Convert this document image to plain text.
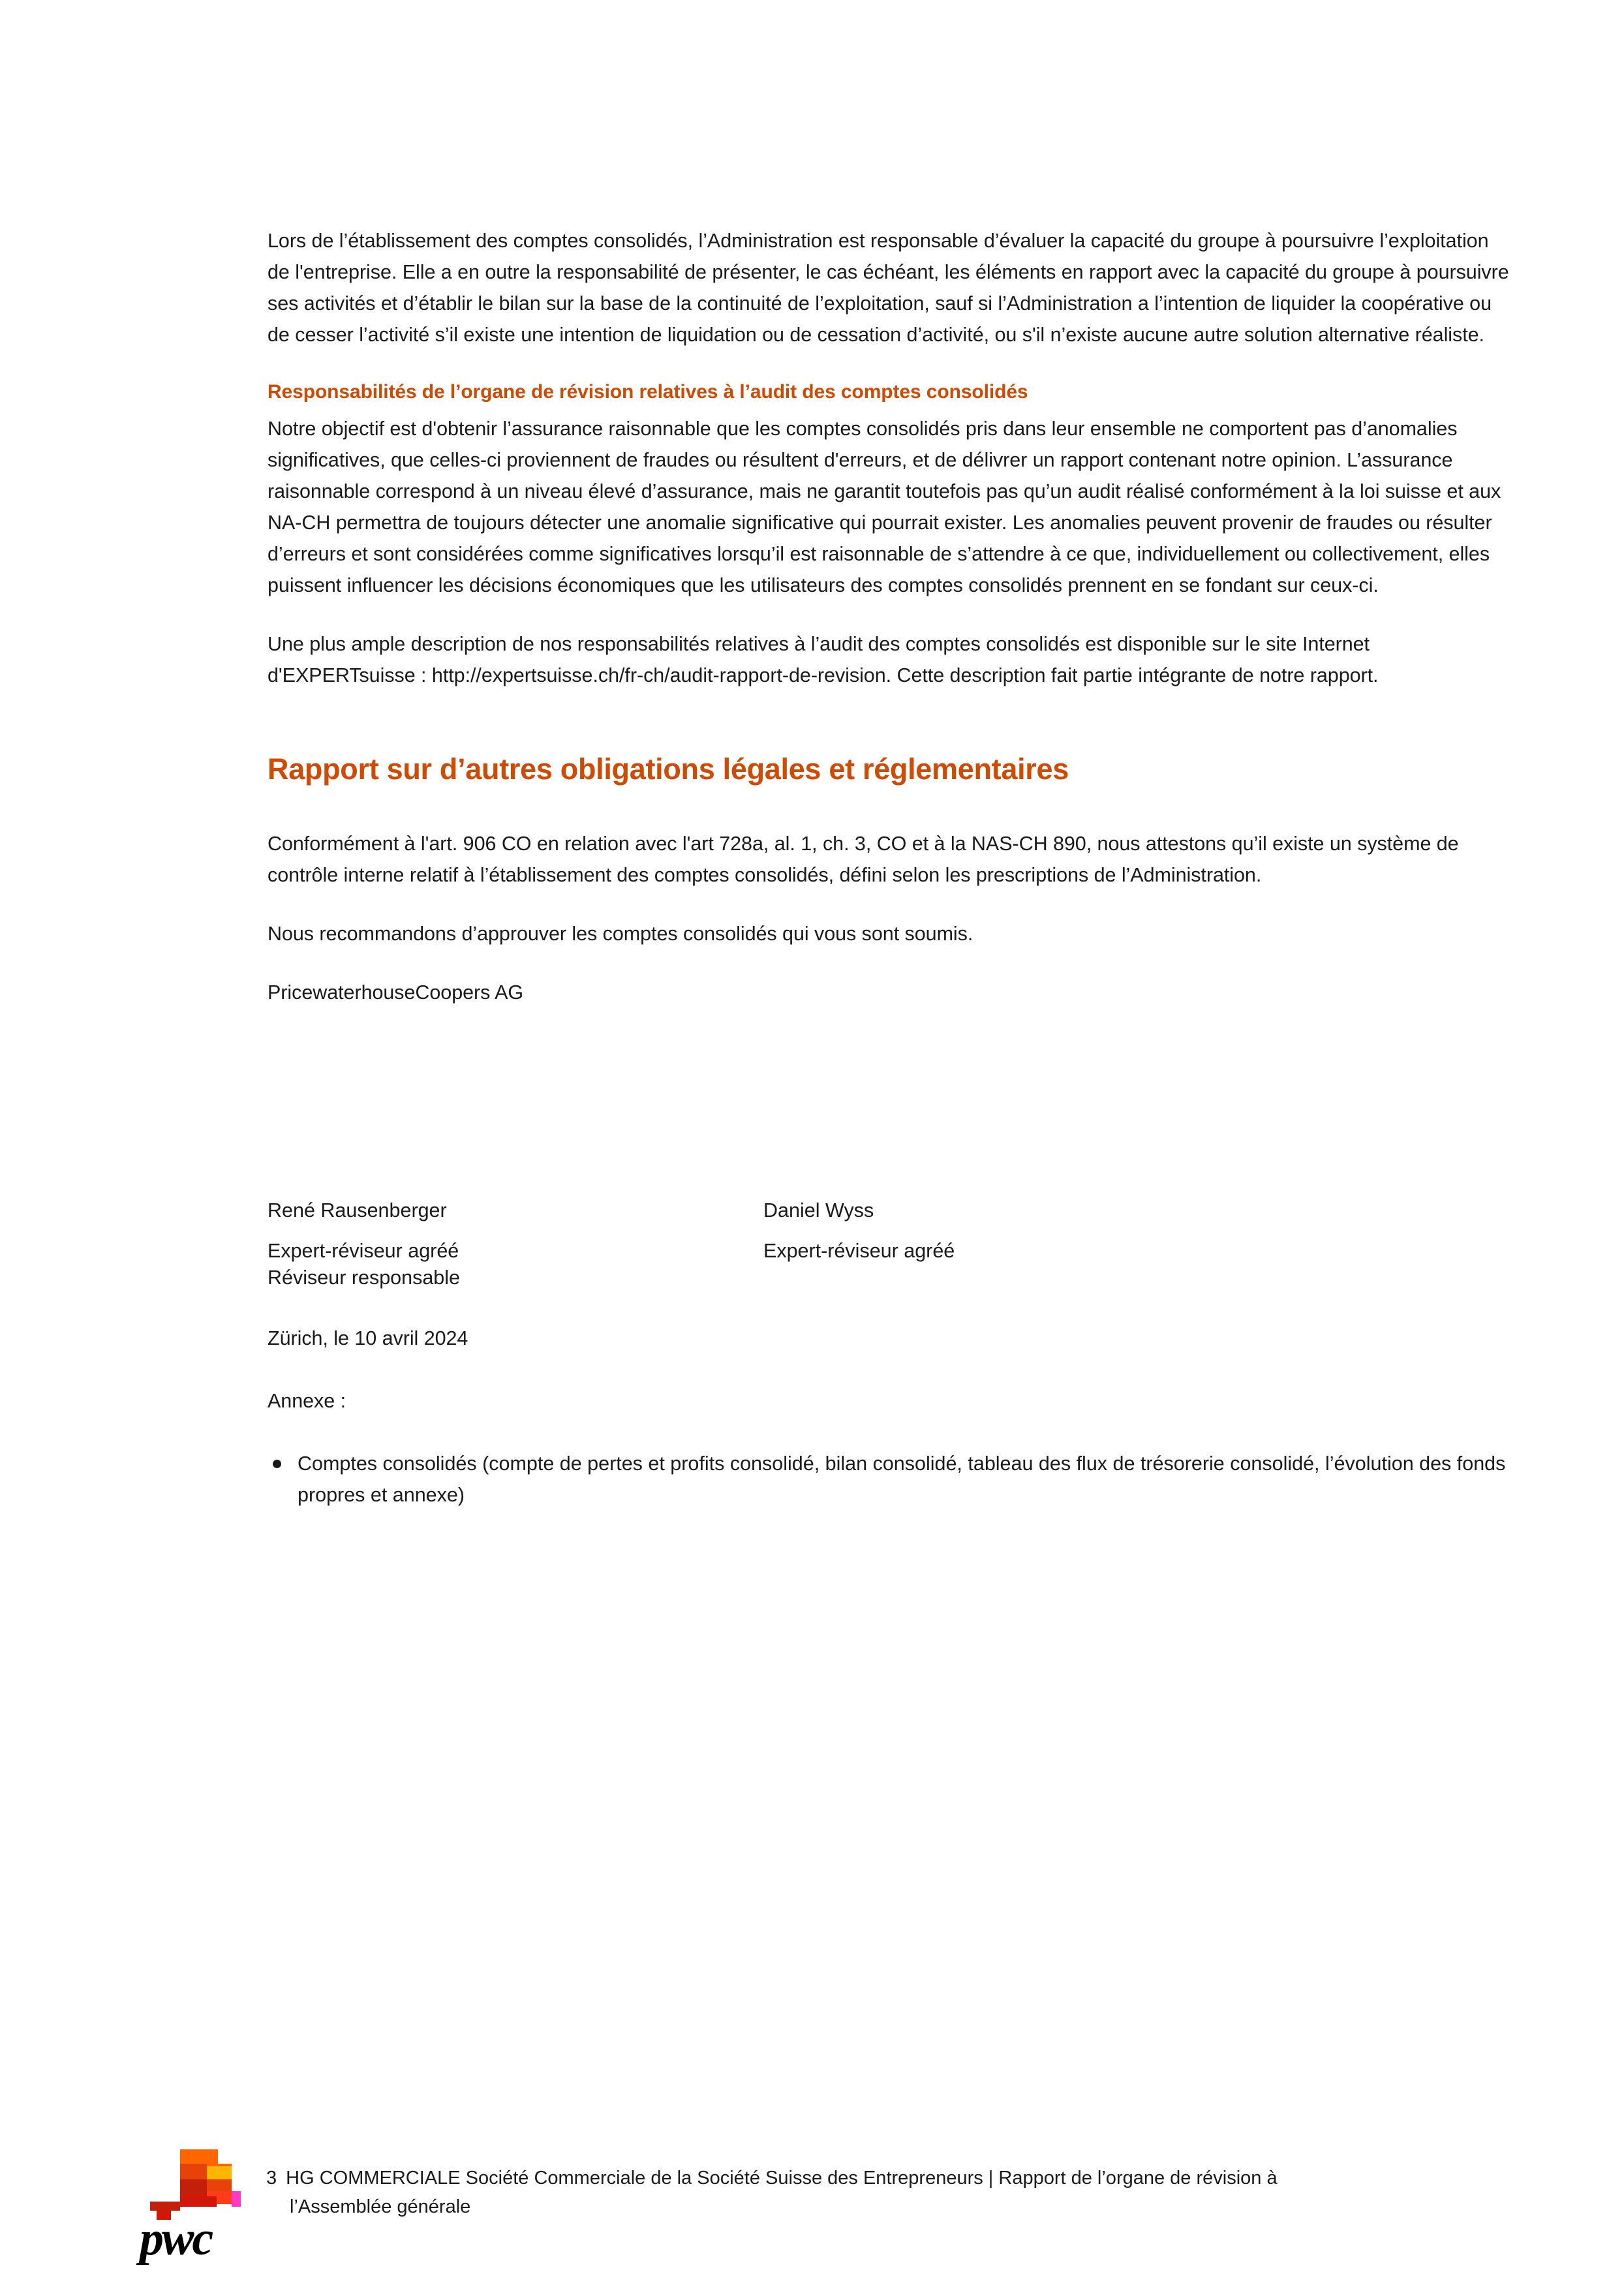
Lors de l’établissement des comptes consolidés, l’Administration est responsable d’évaluer la capacité du groupe à poursuivre l’exploitation de l'entreprise. Elle a en outre la responsabilité de présenter, le cas échéant, les éléments en rapport avec la capacité du groupe à poursuivre ses activités et d’établir le bilan sur la base de la continuité de l’exploitation, sauf si l’Administration a l’intention de liquider la coopérative ou de cesser l’activité s’il existe une intention de liquidation ou de cessation d’activité, ou s'il n’existe aucune autre solution alternative réaliste.

Responsabilités de l’organe de révision relatives à l’audit des comptes consolidés

Notre objectif est d'obtenir l’assurance raisonnable que les comptes consolidés pris dans leur ensemble ne comportent pas d’anomalies significatives, que celles-ci proviennent de fraudes ou résultent d'erreurs, et de délivrer un rapport contenant notre opinion. L’assurance raisonnable correspond à un niveau élevé d’assurance, mais ne garantit toutefois pas qu’un audit réalisé conformément à la loi suisse et aux NA-CH permettra de toujours détecter une anomalie significative qui pourrait exister. Les anomalies peuvent provenir de fraudes ou résulter d’erreurs et sont considérées comme significatives lorsqu’il est raisonnable de s’attendre à ce que, individuellement ou collectivement, elles puissent influencer les décisions économiques que les utilisateurs des comptes consolidés prennent en se fondant sur ceux-ci.

Une plus ample description de nos responsabilités relatives à l’audit des comptes consolidés est disponible sur le site Internet d'EXPERTsuisse : http://expertsuisse.ch/fr-ch/audit-rapport-de-revision. Cette description fait partie intégrante de notre rapport.

Rapport sur d’autres obligations légales et réglementaires

Conformément à l'art. 906 CO en relation avec l'art 728a, al. 1, ch. 3, CO et à la NAS-CH 890, nous attestons qu’il existe un système de contrôle interne relatif à l’établissement des comptes consolidés, défini selon les prescriptions de l’Administration.

Nous recommandons d’approuver les comptes consolidés qui vous sont soumis.

PricewaterhouseCoopers AG

René Rausenberger
Expert-réviseur agréé
Réviseur responsable
Daniel Wyss
Expert-réviseur agréé

Zürich, le 10 avril 2024

Annexe :

Comptes consolidés (compte de pertes et profits consolidé, bilan consolidé, tableau des flux de trésorerie consolidé, l’évolution des fonds propres et annexe)
pwc
3 HG COMMERCIALE Société Commerciale de la Société Suisse des Entrepreneurs | Rapport de l’organe de révision à
l’Assemblée générale
